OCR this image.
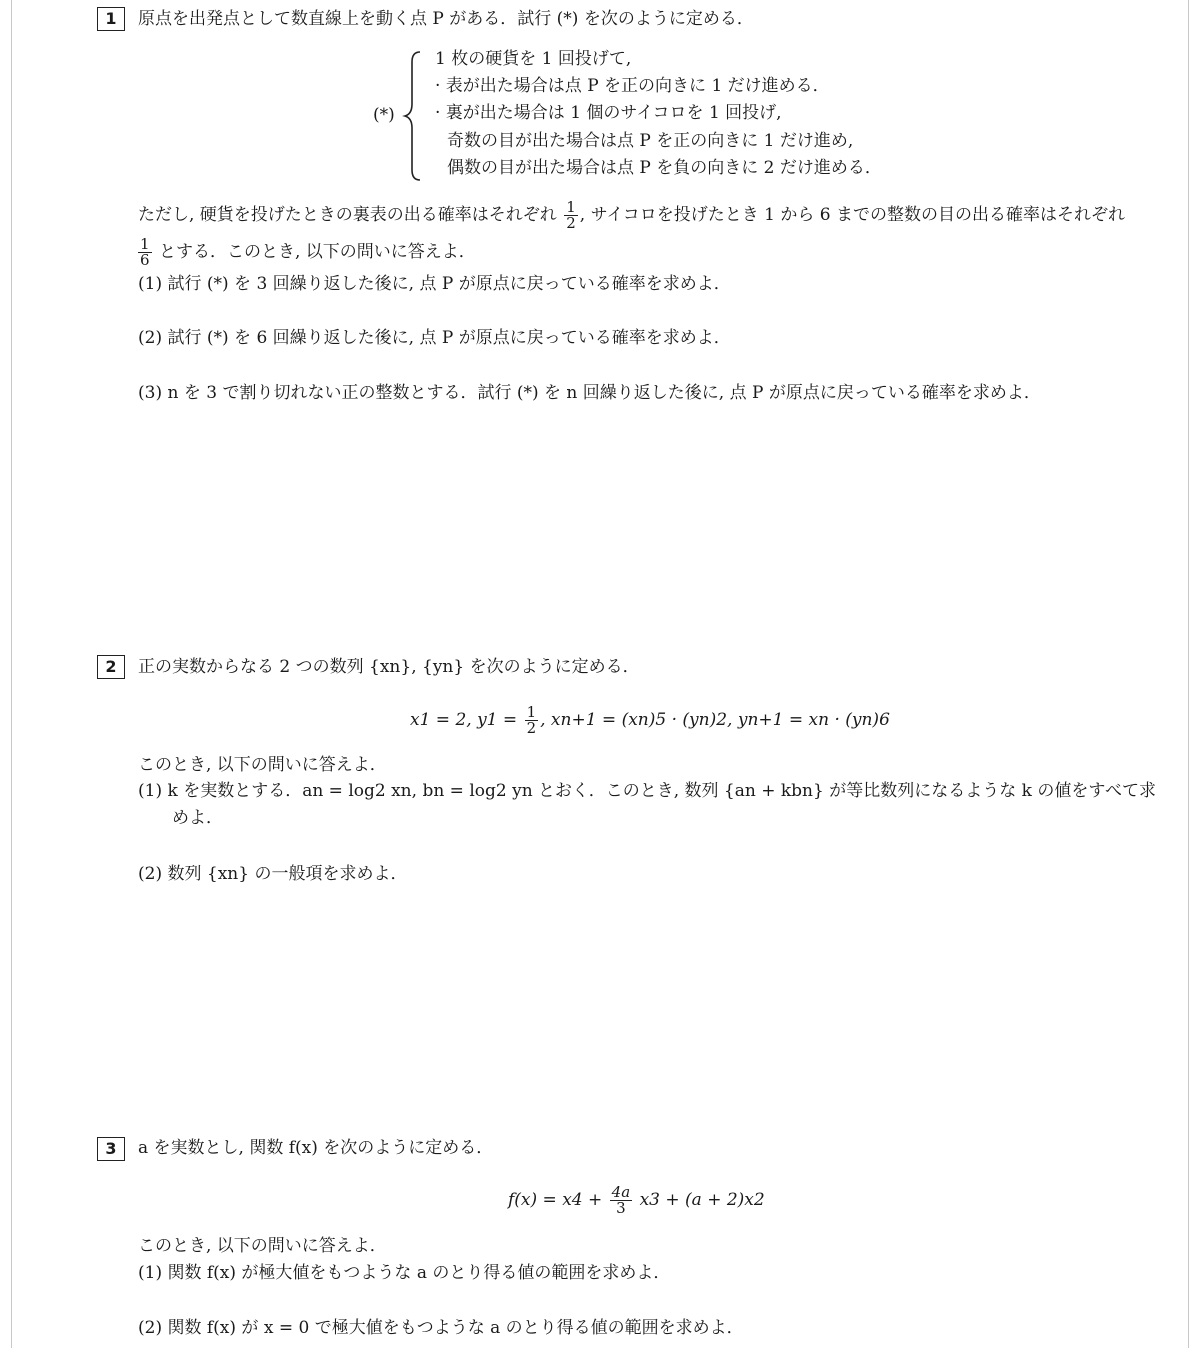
1	原点を出発点として数直線上を動く点 P がある．試行 (*) を次のように定める．
(*)
1 枚の硬貨を 1 回投げて,
· 表が出た場合は点 P を正の向きに 1 だけ進める．
· 裏が出た場合は 1 個のサイコロを 1 回投げ,
奇数の目が出た場合は点 P を正の向きに 1 だけ進め,
偶数の目が出た場合は点 P を負の向きに 2 だけ進める．
ただし, 硬貨を投げたときの裏表の出る確率はそれぞれ $\frac{1}{2}$ , サイコロを投げたとき 1 から 6 までの整数の目の出る確率はそれぞれ
$\frac{1}{6}$ とする．このとき, 以下の問いに答えよ．
(1) 試行 (*) を 3 回繰り返した後に, 点 P が原点に戻っている確率を求めよ．
(2) 試行 (*) を 6 回繰り返した後に, 点 P が原点に戻っている確率を求めよ．
(3) n を 3 で割り切れない正の整数とする．試行 (*) を n 回繰り返した後に, 点 P が原点に戻っている確率を求めよ．
2	正の実数からなる 2 つの数列 {xn}, {yn} を次のように定める．
x1 = 2, $y1 = \frac{1}{2}$ , xn+1 = (xn)5 · (yn)2, yn+1 = xn · (yn)6
このとき, 以下の問いに答えよ．
(1) k を実数とする．an = log2 xn, bn = log2 yn とおく．このとき, 数列 {an + kbn} が等比数列になるような k の値をすべて求
めよ．
(2) 数列 {xn} の一般項を求めよ．
3	a を実数とし, 関数 f(x) を次のように定める．
$f(x) = x4 + \frac{4a}{3} x3 + (a + 2)x2$
このとき, 以下の問いに答えよ．
(1) 関数 f(x) が極大値をもつような a のとり得る値の範囲を求めよ．
(2) 関数 f(x) が x = 0 で極大値をもつような a のとり得る値の範囲を求めよ．
